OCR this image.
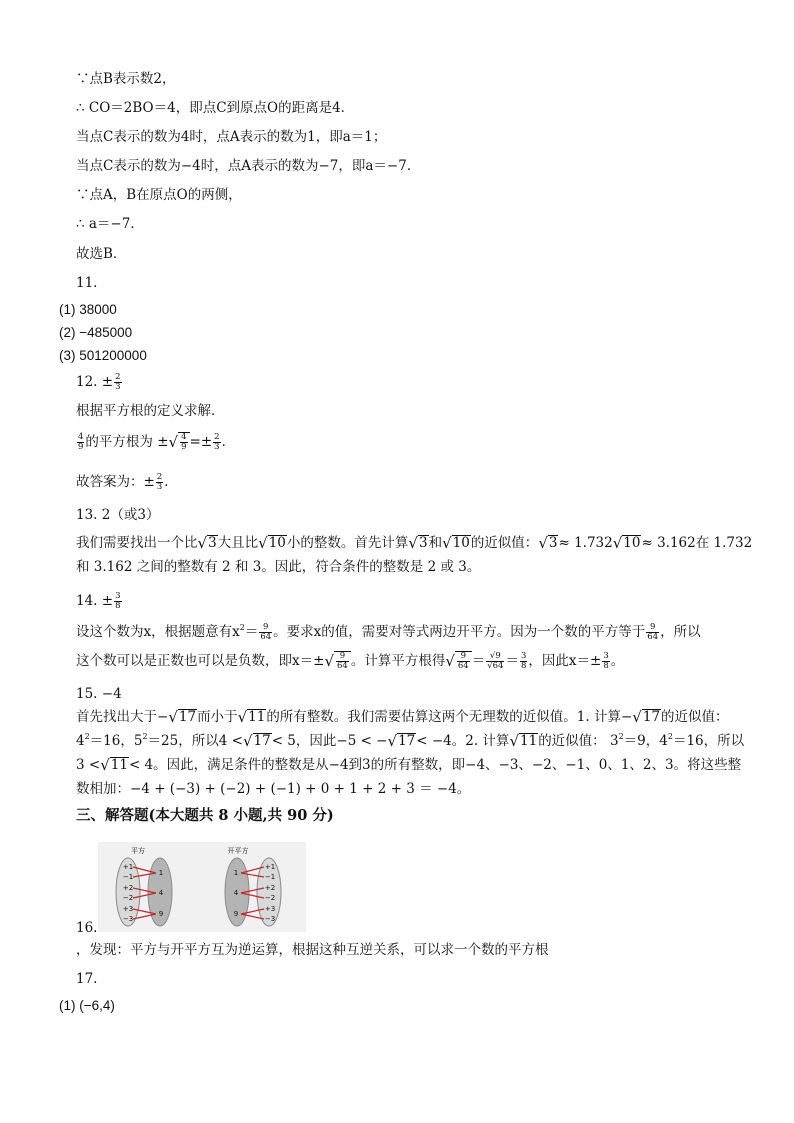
∵点B表示数2，
∴ CO＝2BO＝4，即点C到原点O的距离是4．
当点C表示的数为4时，点A表示的数为1，即a＝1；
当点C表示的数为−4时，点A表示的数为−7，即a＝−7．
∵点A，B在原点O的两侧，
∴ a＝−7．
故选B．
11.
(1) 38000
(2) −485000
(3) 501200000
12. ± $\frac{2}{3}$
根据平方根的定义求解．
$\frac{4}{9}$ 的平方根为 ±√ $\frac{4}{9} =\pm \frac{2}{3}$ ．
故答案为：± $\frac{2}{3}$ ．
13. 2（或3）
我们需要找出一个比√3大且比√10小的整数。首先计算√3和√10的近似值：√3≈ 1.732√10≈ 3.162在 1.732
和 3.162 之间的整数有 2 和 3。因此，符合条件的整数是 2 或 3。
14. ± $\frac{3}{8}$
设这个数为x，根据题意有$x^2= \frac{9}{64}$ 。要求x的值，需要对等式两边开平方。因为一个数的平方等于 $\frac{9}{64}$ ，所以
这个数可以是正数也可以是负数，即$x=\pm√ \frac{9}{64}$ 。计算平方根得√ $\frac{9}{64} = \frac{√9}{√64} = \frac{3}{8}$ ，因此$x=\pm \frac{3}{8}$ 。
15. −4
首先找出大于−√17而小于√11的所有整数。我们需要估算这两个无理数的近似值。1. 计算−√17的近似值：
$4^2=16$，$5^2=25$，所以4 <√17< 5，因此−5 < −√17< −4。2. 计算√11的近似值： $3^2=9$，$4^2=16$，所以
3 <√11< 4。因此，满足条件的整数是从−4到3的所有整数，即−4、−3、−2、−1、0、1、2、3。将这些整
数相加：−4 + (−3) + (−2) + (−1) + 0 + 1 + 2 + 3 ＝ −4。
三、解答题(本大题共 8 小题,共 90 分)
平方
+1
−1
+2
−2
+3
−3
1
4
9
开平方
1
4
9
+1
−1
+2
−2
+3
−3
16.
，发现：平方与开平方互为逆运算，根据这种互逆关系，可以求一个数的平方根
17.
(1) (−6,4)
